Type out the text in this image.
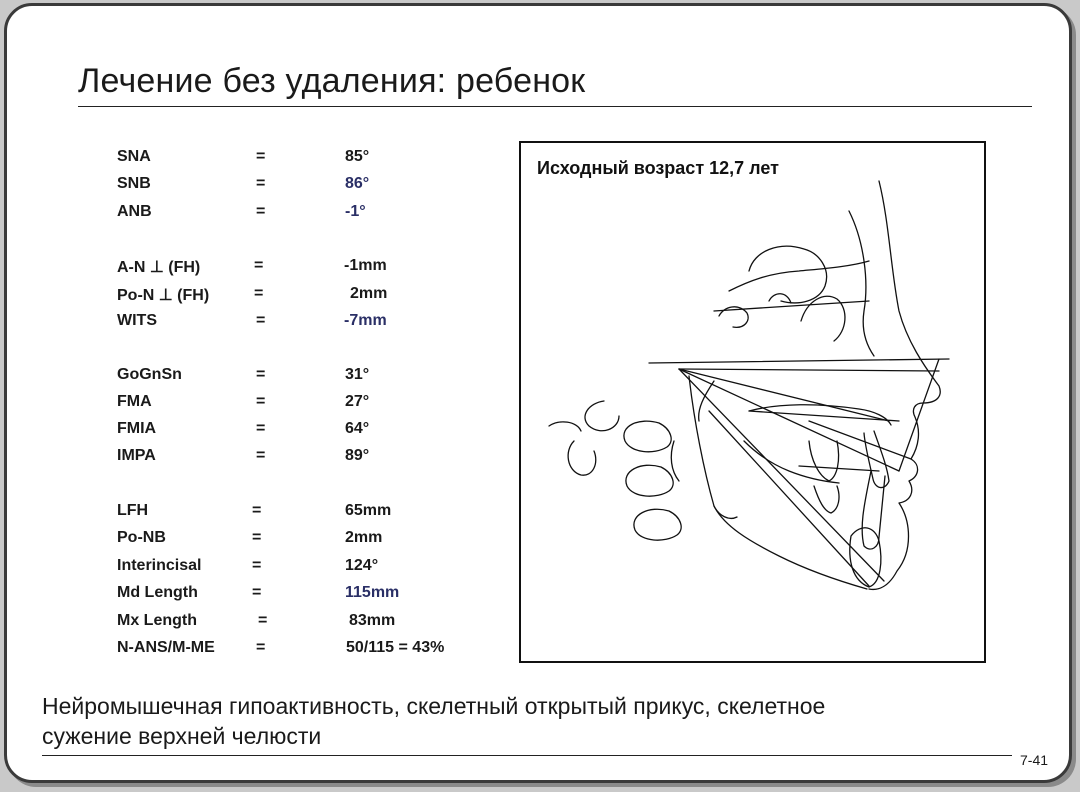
Лечение без удаления: ребенок
SNA	=	85°
SNB	=	86°
ANB	=	-1°
A-N ⊥ (FH)	=	-1mm
Po-N ⊥ (FH)	=	2mm
WITS	=	-7mm
GoGnSn	=	31°
FMA	=	27°
FMIA	=	64°
IMPA	=	89°
LFH	=	65mm
Po-NB	=	2mm
Interincisal	=	124°
Md Length	=	115mm
Mx Length	=	83mm
N-ANS/M-ME	=	50/115 = 43%
Исходный возраст 12,7 лет
Нейромышечная гипоактивность, скелетный открытый прикус, скелетное
сужение верхней челюсти
7-41
